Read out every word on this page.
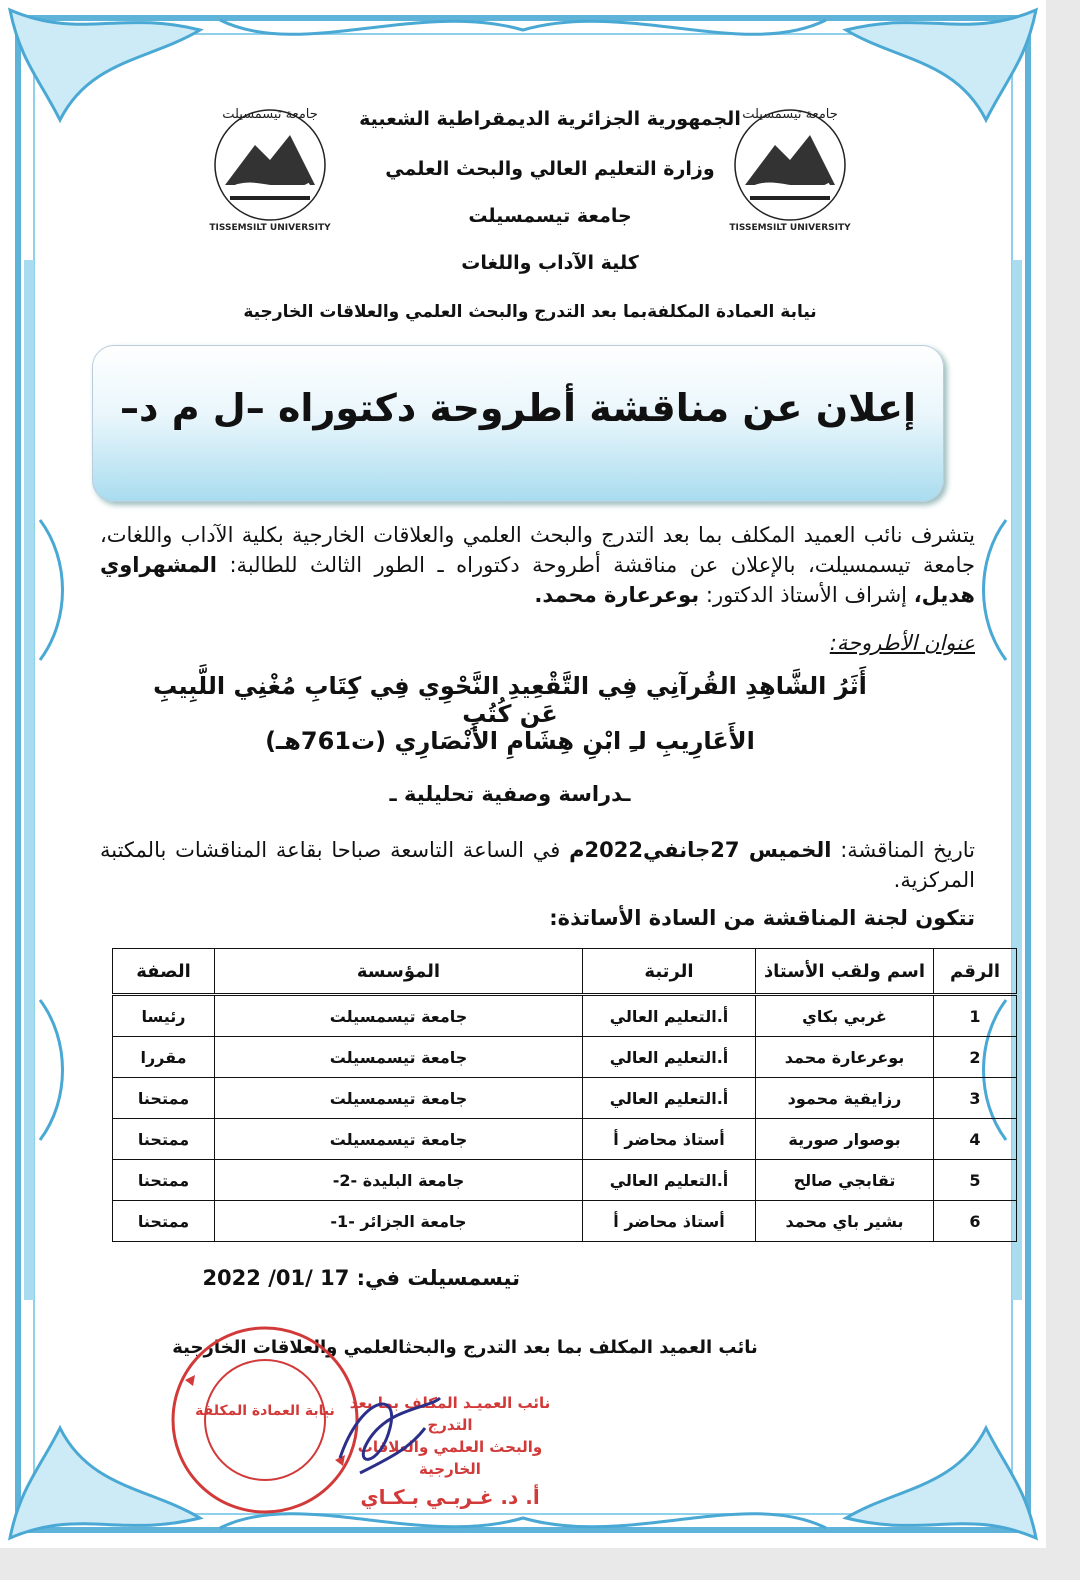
جامعة تيسمسيلت
TISSEMSILT UNIVERSITY
جامعة تيسمسيلت
TISSEMSILT UNIVERSITY
الجمهورية الجزائرية الديمقراطية الشعبية
وزارة التعليم العالي والبحث العلمي
جامعة تيسمسيلت
كلية الآداب واللغات
نيابة العمادة المكلفةبما بعد التدرج والبحث العلمي والعلاقات الخارجية
إعلان عن مناقشة أطروحة دكتوراه –ل م د–
يتشرف نائب العميد المكلف بما بعد التدرج والبحث العلمي والعلاقات الخارجية بكلية الآداب واللغات، جامعة تيسمسيلت، بالإعلان عن مناقشة أطروحة دكتوراه ـ الطور الثالث للطالبة: المشهراوي هديل، إشراف الأستاذ الدكتور: بوعرعارة محمد.
عنوان الأطروحة:
أَثَرُ الشَّاهِدِ القُرآنِي فِي التَّقْعِيدِ النَّحْوِي فِي كِتَابِ مُغْنِي اللَّبِيبِ عَن كُتُبِ
الأَعَارِيبِ لـِ ابْنِ هِشَامِ الأَنْصَارِي (ت761هـ)
ـدراسة وصفية تحليلية ـ
تاريخ المناقشة: الخميس 27جانفي2022م في الساعة التاسعة صباحا بقاعة المناقشات بالمكتبة المركزية.
تتكون لجنة المناقشة من السادة الأساتذة:
الرقم	اسم ولقب الأستاذ	الرتبة	المؤسسة	الصفة
1	غربي بكاي	أ.التعليم العالي	جامعة تيسمسيلت	رئيسا
2	بوعرعارة محمد	أ.التعليم العالي	جامعة تيسمسيلت	مقررا
3	رزايقية محمود	أ.التعليم العالي	جامعة تيسمسيلت	ممتحنا
4	بوصوار صورية	أستاذ محاضر أ	جامعة تيسمسيلت	ممتحنا
5	تقابجي صالح	أ.التعليم العالي	جامعة البليدة -2-	ممتحنا
6	بشير باي محمد	أستاذ محاضر أ	جامعة الجزائر -1-	ممتحنا
تيسمسيلت في: 17 /01/ 2022
نائب العميد المكلف بما بعد التدرج والبحثالعلمي والعلاقات الخارجية
نيابة العمادة المكلفة نائب العميـد المكلف بما بعد التدرج
والبحث العلمي والعلاقات الخارجية
أ. د. غـربـي بـكـاي
